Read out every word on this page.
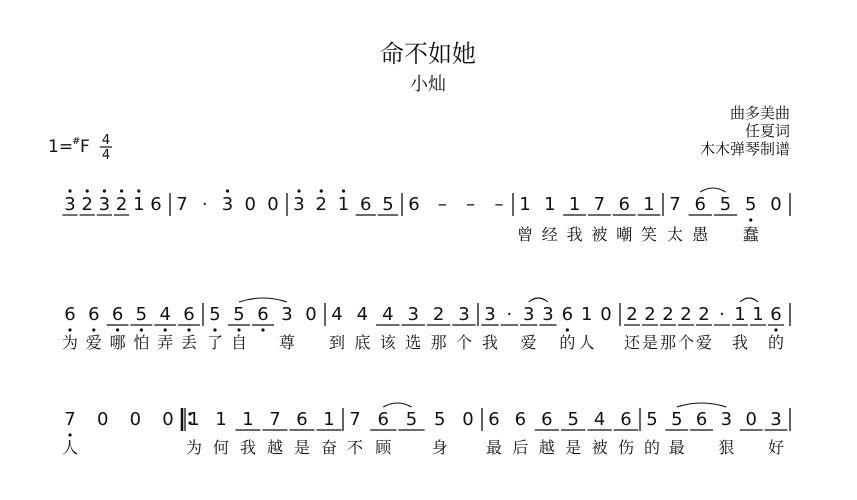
命不如她
小灿
曲多美曲
任夏词
木木弹琴制谱
1=
# F 4
4
3 2 3 2 1 6 7 · 3 0 0 3 2 1 6 5 6 – – – 1
曾
1
经
1
我
7
被
6
嘲
1
笑
7
太
6
愚
5 5
蠢
0
6
为
6
爱
6
哪
5
怕
4
弄
6
丢
5
了
5
自
6 3
尊
0 4
到
4
底
4
该
3
选
2
那
3
个
3
我
· 3
爱
3 6
的
1
人
0 2
还
2
是
2
那
2
个
2
爱
· 1
我
1 6
的
7
人
0 0 0 1
为
1
何
1
我
7
越
6
是
1
奋
7
不
6
顾
5 5
身
0 6
最
6
后
6
越
5
是
4
被
6
伤
5
的
5
最
6 3
狠
0 3
好
